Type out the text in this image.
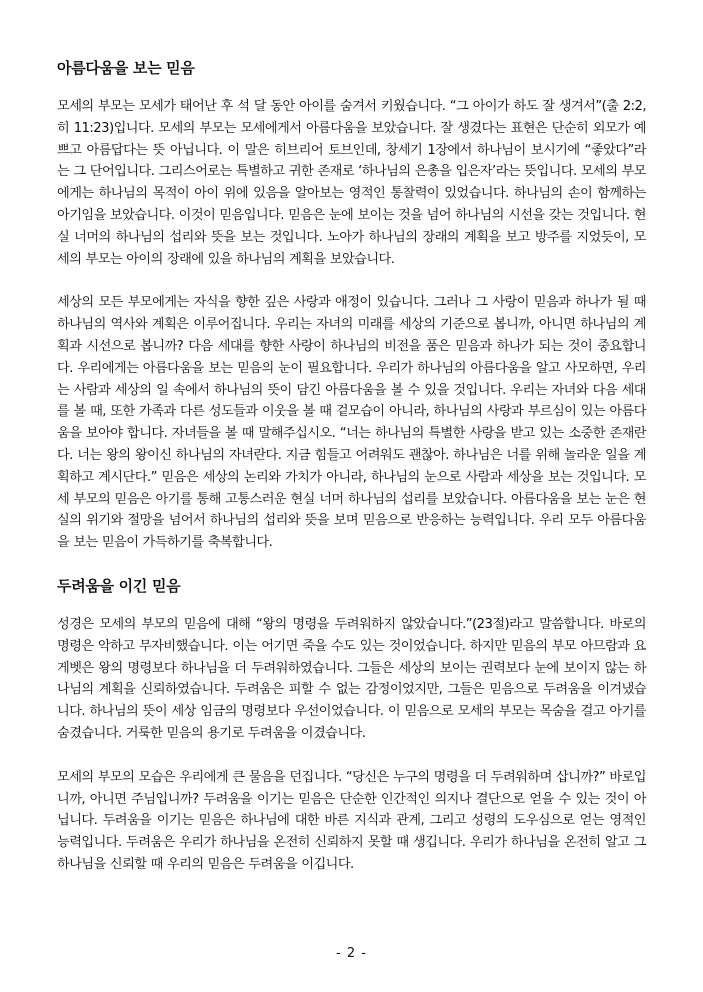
아름다움을 보는 믿음

모세의 부모는 모세가 태어난 후 석 달 동안 아이를 숨겨서 키웠습니다. “그 아이가 하도 잘 생겨서”(출 2:2, 히 11:23)입니다. 모세의 부모는 모세에게서 아름다움을 보았습니다. 잘 생겼다는 표현은 단순히 외모가 예쁘고 아름답다는 뜻 아닙니다. 이 말은 히브리어 토브인데, 창세기 1장에서 하나님이 보시기에 “좋았다”라는 그 단어입니다. 그리스어로는 특별하고 귀한 존재로 ‘하나님의 은총을 입은자’라는 뜻입니다. 모세의 부모에게는 하나님의 목적이 아이 위에 있음을 알아보는 영적인 통찰력이 있었습니다. 하나님의 손이 함께하는 아기임을 보았습니다. 이것이 믿음입니다. 믿음은 눈에 보이는 것을 넘어 하나님의 시선을 갖는 것입니다. 현실 너머의 하나님의 섭리와 뜻을 보는 것입니다. 노아가 하나님의 장래의 계획을 보고 방주를 지었듯이, 모세의 부모는 아이의 장래에 있을 하나님의 계획을 보았습니다.

세상의 모든 부모에게는 자식을 향한 깊은 사랑과 애정이 있습니다. 그러나 그 사랑이 믿음과 하나가 될 때 하나님의 역사와 계획은 이루어집니다. 우리는 자녀의 미래를 세상의 기준으로 봅니까, 아니면 하나님의 계획과 시선으로 봅니까? 다음 세대를 향한 사랑이 하나님의 비전을 품은 믿음과 하나가 되는 것이 중요합니다. 우리에게는 아름다움을 보는 믿음의 눈이 필요합니다. 우리가 하나님의 아름다움을 알고 사모하면, 우리는 사람과 세상의 일 속에서 하나님의 뜻이 담긴 아름다움을 볼 수 있을 것입니다. 우리는 자녀와 다음 세대를 볼 때, 또한 가족과 다른 성도들과 이웃을 볼 때 겉모습이 아니라, 하나님의 사랑과 부르심이 있는 아름다움을 보아야 합니다. 자녀들을 볼 때 말해주십시오. “너는 하나님의 특별한 사랑을 받고 있는 소중한 존재란다. 너는 왕의 왕이신 하나님의 자녀란다. 지금 힘들고 어려워도 괜찮아. 하나님은 너를 위해 놀라운 일을 계획하고 계시단다.” 믿음은 세상의 논리와 가치가 아니라, 하나님의 눈으로 사람과 세상을 보는 것입니다. 모세 부모의 믿음은 아기를 통해 고통스러운 현실 너머 하나님의 섭리를 보았습니다. 아름다움을 보는 눈은 현실의 위기와 절망을 넘어서 하나님의 섭리와 뜻을 보며 믿음으로 반응하는 능력입니다. 우리 모두 아름다움을 보는 믿음이 가득하기를 축복합니다.

두려움을 이긴 믿음

성경은 모세의 부모의 믿음에 대해 “왕의 명령을 두려워하지 않았습니다.”(23절)라고 말씀합니다. 바로의 명령은 악하고 무자비했습니다. 이는 어기면 죽을 수도 있는 것이었습니다. 하지만 믿음의 부모 아므람과 요게벳은 왕의 명령보다 하나님을 더 두려워하였습니다. 그들은 세상의 보이는 권력보다 눈에 보이지 않는 하나님의 계획을 신뢰하였습니다. 두려움은 피할 수 없는 감정이었지만, 그들은 믿음으로 두려움을 이겨냈습니다. 하나님의 뜻이 세상 임금의 명령보다 우선이었습니다. 이 믿음으로 모세의 부모는 목숨을 걸고 아기를 숨겼습니다. 거룩한 믿음의 용기로 두려움을 이겼습니다.

모세의 부모의 모습은 우리에게 큰 물음을 던집니다. “당신은 누구의 명령을 더 두려워하며 삽니까?” 바로입니까, 아니면 주님입니까? 두려움을 이기는 믿음은 단순한 인간적인 의지나 결단으로 얻을 수 있는 것이 아닙니다. 두려움을 이기는 믿음은 하나님에 대한 바른 지식과 관계, 그리고 성령의 도우심으로 얻는 영적인 능력입니다. 두려움은 우리가 하나님을 온전히 신뢰하지 못할 때 생깁니다. 우리가 하나님을 온전히 알고 그 하나님을 신뢰할 때 우리의 믿음은 두려움을 이깁니다.

- 2 -
